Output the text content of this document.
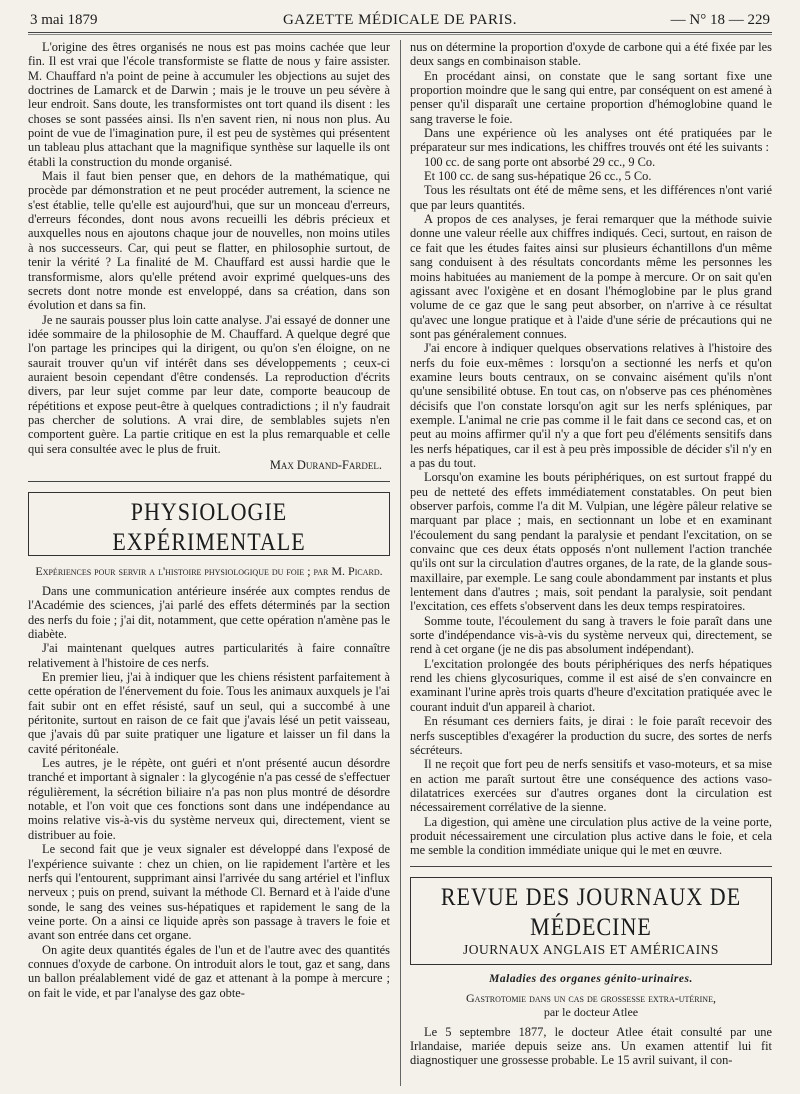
3 mai 1879	GAZETTE MÉDICALE DE PARIS.	— N° 18 — 229

L'origine des êtres organisés ne nous est pas moins cachée que leur fin. Il est vrai que l'école transformiste se flatte de nous y faire assister. M. Chauffard n'a point de peine à accumuler les objections au sujet des doctrines de Lamarck et de Darwin ; mais je le trouve un peu sévère à leur endroit. Sans doute, les transformistes ont tort quand ils disent : les choses se sont passées ainsi. Ils n'en savent rien, ni nous non plus. Au point de vue de l'imagination pure, il est peu de systèmes qui présentent un tableau plus attachant que la magnifique synthèse sur laquelle ils ont établi la construction du monde organisé.

Mais il faut bien penser que, en dehors de la mathématique, qui procède par démonstration et ne peut procéder autrement, la science ne s'est établie, telle qu'elle est aujourd'hui, que sur un monceau d'erreurs, d'erreurs fécondes, dont nous avons recueilli les débris précieux et auxquelles nous en ajoutons chaque jour de nouvelles, non moins utiles à nos successeurs. Car, qui peut se flatter, en philosophie surtout, de tenir la vérité ? La finalité de M. Chauffard est aussi hardie que le transformisme, alors qu'elle prétend avoir exprimé quelques-uns des secrets dont notre monde est enveloppé, dans sa création, dans son évolution et dans sa fin.

Je ne saurais pousser plus loin catte analyse. J'ai essayé de donner une idée sommaire de la philosophie de M. Chauffard. A quelque degré que l'on partage les principes qui la dirigent, ou qu'on s'en éloigne, on ne saurait trouver qu'un vif intérêt dans ses développements ; ceux-ci auraient besoin cependant d'être condensés. La reproduction d'écrits divers, par leur sujet comme par leur date, comporte beaucoup de répétitions et expose peut-être à quelques contradictions ; il n'y faudrait pas chercher de solutions. A vrai dire, de semblables sujets n'en comportent guère. La partie critique en est la plus remarquable et celle qui sera consultée avec le plus de fruit.

Max Durand-Fardel.
PHYSIOLOGIE EXPÉRIMENTALE
Expériences pour servir a l'histoire physiologique du foie ; par M. Picard.

Dans une communication antérieure insérée aux comptes rendus de l'Académie des sciences, j'ai parlé des effets déterminés par la section des nerfs du foie ; j'ai dit, notamment, que cette opération n'amène pas le diabète.

J'ai maintenant quelques autres particularités à faire connaître relativement à l'histoire de ces nerfs.

En premier lieu, j'ai à indiquer que les chiens résistent parfaitement à cette opération de l'énervement du foie. Tous les animaux auxquels je l'ai fait subir ont en effet résisté, sauf un seul, qui a succombé à une péritonite, surtout en raison de ce fait que j'avais lésé un petit vaisseau, que j'avais dû par suite pratiquer une ligature et laisser un fil dans la cavité péritonéale.

Les autres, je le répète, ont guéri et n'ont présenté aucun désordre tranché et important à signaler : la glycogénie n'a pas cessé de s'effectuer régulièrement, la sécrétion biliaire n'a pas non plus montré de désordre notable, et l'on voit que ces fonctions sont dans une indépendance au moins relative vis-à-vis du système nerveux qui, directement, vient se distribuer au foie.

Le second fait que je veux signaler est développé dans l'exposé de l'expérience suivante : chez un chien, on lie rapidement l'artère et les nerfs qui l'entourent, supprimant ainsi l'arrivée du sang artériel et l'influx nerveux ; puis on prend, suivant la méthode Cl. Bernard et à l'aide d'une sonde, le sang des veines sus-hépatiques et rapidement le sang de la veine porte. On a ainsi ce liquide après son passage à travers le foie et avant son entrée dans cet organe.

On agite deux quantités égales de l'un et de l'autre avec des quantités connues d'oxyde de carbone. On introduit alors le tout, gaz et sang, dans un ballon préalablement vidé de gaz et attenant à la pompe à mercure ; on fait le vide, et par l'analyse des gaz obte-

nus on détermine la proportion d'oxyde de carbone qui a été fixée par les deux sangs en combinaison stable.

En procédant ainsi, on constate que le sang sortant fixe une proportion moindre que le sang qui entre, par conséquent on est amené à penser qu'il disparaît une certaine proportion d'hémoglobine quand le sang traverse le foie.

Dans une expérience où les analyses ont été pratiquées par le préparateur sur mes indications, les chiffres trouvés ont été les suivants :

100 cc. de sang porte ont absorbé 29 cc., 9 Co.
Et 100 cc. de sang sus-hépatique 26 cc., 5 Co.

Tous les résultats ont été de même sens, et les différences n'ont varié que par leurs quantités.

A propos de ces analyses, je ferai remarquer que la méthode suivie donne une valeur réelle aux chiffres indiqués. Ceci, surtout, en raison de ce fait que les études faites ainsi sur plusieurs échantillons d'un même sang conduisent à des résultats concordants même les personnes les moins habituées au maniement de la pompe à mercure. Or on sait qu'en agissant avec l'oxigène et en dosant l'hémoglobine par le plus grand volume de ce gaz que le sang peut absorber, on n'arrive à ce résultat qu'avec une longue pratique et à l'aide d'une série de précautions qui ne sont pas généralement connues.

J'ai encore à indiquer quelques observations relatives à l'histoire des nerfs du foie eux-mêmes : lorsqu'on a sectionné les nerfs et qu'on examine leurs bouts centraux, on se convainc aisément qu'ils n'ont qu'une sensibilité obtuse. En tout cas, on n'observe pas ces phénomènes décisifs que l'on constate lorsqu'on agit sur les nerfs spléniques, par exemple. L'animal ne crie pas comme il le fait dans ce second cas, et on peut au moins affirmer qu'il n'y a que fort peu d'éléments sensitifs dans les nerfs hépatiques, car il est à peu près impossible de décider s'il n'y en a pas du tout.

Lorsqu'on examine les bouts périphériques, on est surtout frappé du peu de netteté des effets immédiatement constatables. On peut bien observer parfois, comme l'a dit M. Vulpian, une légère pâleur relative se marquant par place ; mais, en sectionnant un lobe et en examinant l'écoulement du sang pendant la paralysie et pendant l'excitation, on se convainc que ces deux états opposés n'ont nullement l'action tranchée qu'ils ont sur la circulation d'autres organes, de la rate, de la glande sous-maxillaire, par exemple. Le sang coule abondamment par instants et plus lentement dans d'autres ; mais, soit pendant la paralysie, soit pendant l'excitation, ces effets s'observent dans les deux temps respiratoires.

Somme toute, l'écoulement du sang à travers le foie paraît dans une sorte d'indépendance vis-à-vis du système nerveux qui, directement, se rend à cet organe (je ne dis pas absolument indépendant).

L'excitation prolongée des bouts périphériques des nerfs hépatiques rend les chiens glycosuriques, comme il est aisé de s'en convaincre en examinant l'urine après trois quarts d'heure d'excitation pratiquée avec le courant induit d'un appareil à chariot.

En résumant ces derniers faits, je dirai : le foie paraît recevoir des nerfs susceptibles d'exagérer la production du sucre, des sortes de nerfs sécréteurs.

Il ne reçoit que fort peu de nerfs sensitifs et vaso-moteurs, et sa mise en action me paraît surtout être une conséquence des actions vaso-dilatatrices exercées sur d'autres organes dont la circulation est nécessairement corrélative de la sienne.

La digestion, qui amène une circulation plus active de la veine porte, produit nécessairement une circulation plus active dans le foie, et cela me semble la condition immédiate unique qui le met en œuvre.

REVUE DES JOURNAUX DE MÉDECINE
JOURNAUX ANGLAIS ET AMÉRICAINS
Maladies des organes génito-urinaires.
Gastrotomie dans un cas de grossesse extra-utérine,
par le docteur Atlee

Le 5 septembre 1877, le docteur Atlee était consulté par une Irlandaise, mariée depuis seize ans. Un examen attentif lui fit diagnostiquer une grossesse probable. Le 15 avril suivant, il con-
